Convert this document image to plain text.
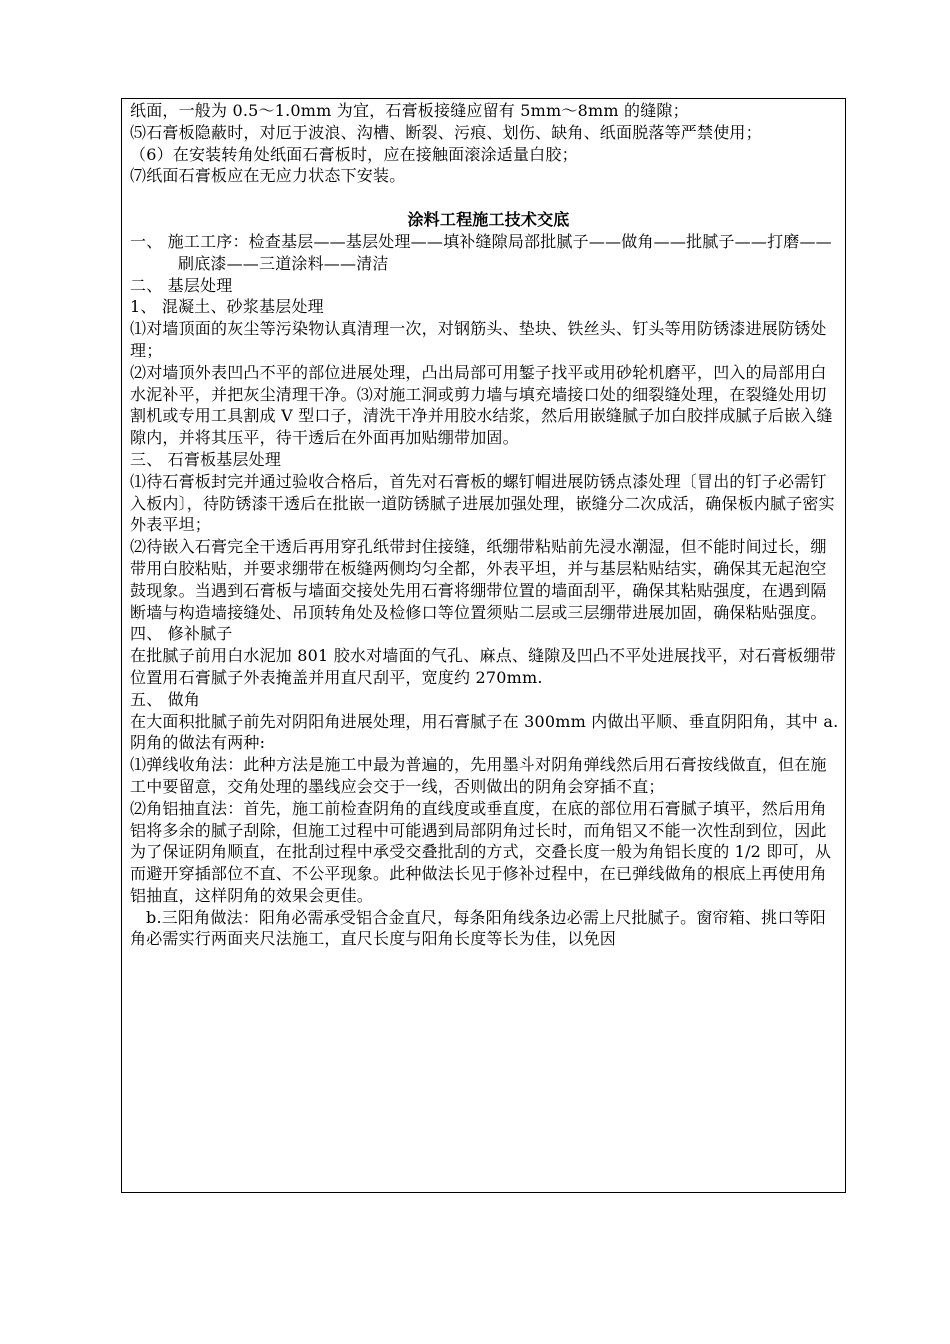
纸面，一般为 0.5～1.0mm 为宜，石膏板接缝应留有 5mm～8mm 的缝隙；

⑸石膏板隐蔽时，对厄于波浪、沟槽、断裂、污痕、划伤、缺角、纸面脱落等严禁使用；

（6）在安装转角处纸面石膏板时，应在接触面滚涂适量白胶；

⑺纸面石膏板应在无应力状态下安装。

涂料工程施工技术交底

一、 施工工序：检查基层——基层处理——填补缝隙局部批腻子——做角——批腻子——打磨——刷底漆——三道涂料——清洁

二、 基层处理

1、 混凝土、砂浆基层处理

⑴对墙顶面的灰尘等污染物认真清理一次，对钢筋头、垫块、铁丝头、钉头等用防锈漆进展防锈处理；

⑵对墙顶外表凹凸不平的部位进展处理，凸出局部可用錾子找平或用砂轮机磨平，凹入的局部用白水泥补平，并把灰尘清理干净。⑶对施工洞或剪力墙与填充墙接口处的细裂缝处理，在裂缝处用切割机或专用工具割成 V 型口子，清洗干净并用胶水结浆，然后用嵌缝腻子加白胶拌成腻子后嵌入缝隙内，并将其压平，待干透后在外面再加贴绷带加固。

三、 石膏板基层处理

⑴待石膏板封完并通过验收合格后，首先对石膏板的螺钉帽进展防锈点漆处理〔冒出的钉子必需钉入板内〕，待防锈漆干透后在批嵌一道防锈腻子进展加强处理，嵌缝分二次成活，确保板内腻子密实外表平坦；

⑵待嵌入石膏完全干透后再用穿孔纸带封住接缝，纸绷带粘贴前先浸水潮湿，但不能时间过长，绷带用白胶粘贴，并要求绷带在板缝两侧均匀全都，外表平坦，并与基层粘贴结实，确保其无起泡空鼓现象。当遇到石膏板与墙面交接处先用石膏将绷带位置的墙面刮平，确保其粘贴强度，在遇到隔断墙与构造墙接缝处、吊顶转角处及检修口等位置须贴二层或三层绷带进展加固，确保粘贴强度。

四、 修补腻子

在批腻子前用白水泥加 801 胶水对墙面的气孔、麻点、缝隙及凹凸不平处进展找平，对石膏板绷带位置用石膏腻子外表掩盖并用直尺刮平，宽度约 270mm.

五、 做角

在大面积批腻子前先对阴阳角进展处理，用石膏腻子在 300mm 内做出平顺、垂直阴阳角，其中 a.阴角的做法有两种:

⑴弹线收角法：此种方法是施工中最为普遍的，先用墨斗对阴角弹线然后用石膏按线做直，但在施工中要留意，交角处理的墨线应会交于一线，否则做出的阴角会穿插不直；

⑵角铝抽直法：首先，施工前检查阴角的直线度或垂直度，在底的部位用石膏腻子填平，然后用角铝将多余的腻子刮除，但施工过程中可能遇到局部阴角过长时，而角铝又不能一次性刮到位，因此为了保证阴角顺直，在批刮过程中承受交叠批刮的方式，交叠长度一般为角铝长度的 1/2 即可，从而避开穿插部位不直、不公平现象。此种做法长见于修补过程中，在已弹线做角的根底上再使用角铝抽直，这样阴角的效果会更佳。

b.三阳角做法：阳角必需承受铝合金直尺，每条阳角线条边必需上尺批腻子。窗帘箱、挑口等阳角必需实行两面夹尺法施工，直尺长度与阳角长度等长为佳，以免因
